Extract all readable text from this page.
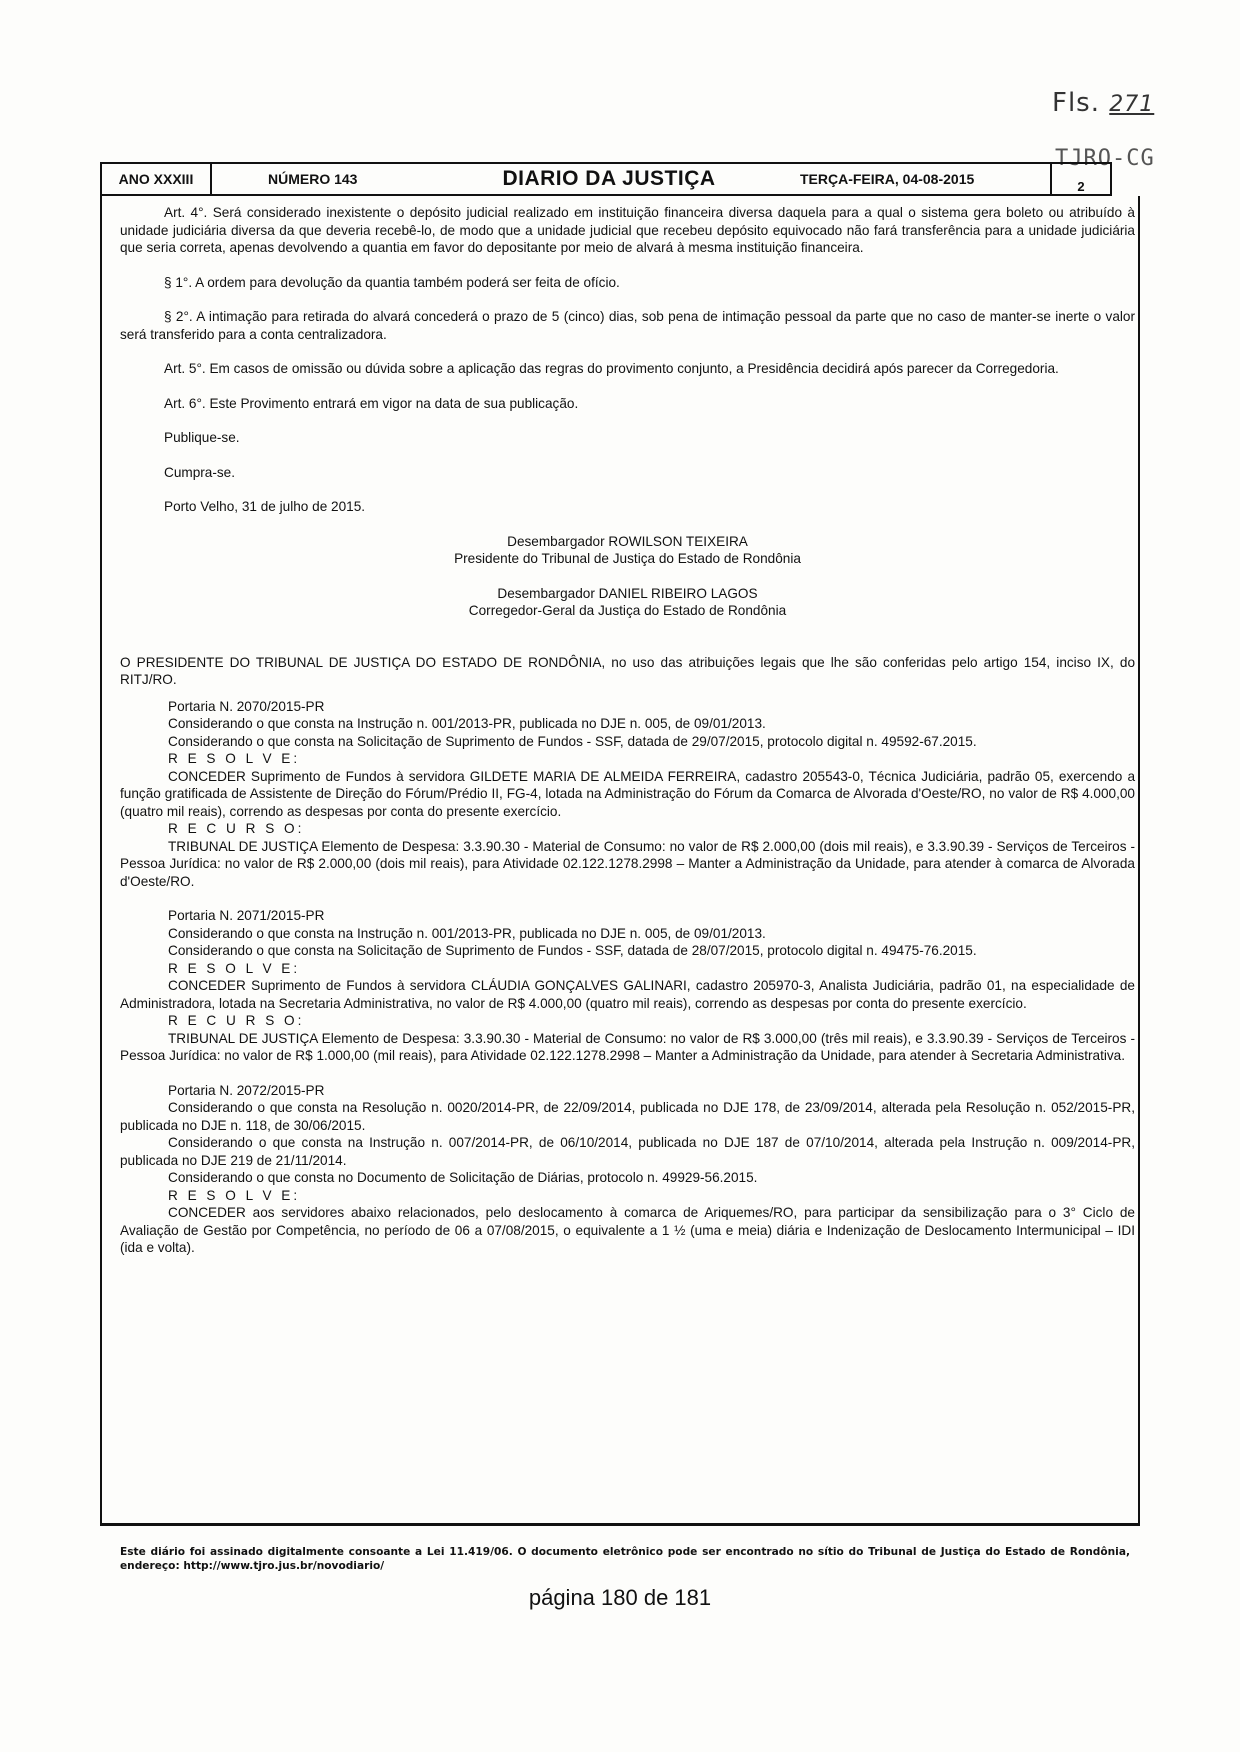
Fls. 271
TJRO-CG
ANO XXXIII	NÚMERO 143	DIARIO DA JUSTIÇA	TERÇA-FEIRA, 04-08-2015	2

Art. 4°. Será considerado inexistente o depósito judicial realizado em instituição financeira diversa daquela para a qual o sistema gera boleto ou atribuído à unidade judiciária diversa da que deveria recebê-lo, de modo que a unidade judicial que recebeu depósito equivocado não fará transferência para a unidade judiciária que seria correta, apenas devolvendo a quantia em favor do depositante por meio de alvará à mesma instituição financeira.

§ 1°. A ordem para devolução da quantia também poderá ser feita de ofício.

§ 2°. A intimação para retirada do alvará concederá o prazo de 5 (cinco) dias, sob pena de intimação pessoal da parte que no caso de manter-se inerte o valor será transferido para a conta centralizadora.

Art. 5°. Em casos de omissão ou dúvida sobre a aplicação das regras do provimento conjunto, a Presidência decidirá após parecer da Corregedoria.

Art. 6°. Este Provimento entrará em vigor na data de sua publicação.

Publique-se.

Cumpra-se.

Porto Velho, 31 de julho de 2015.

Desembargador ROWILSON TEIXEIRA

Presidente do Tribunal de Justiça do Estado de Rondônia

Desembargador DANIEL RIBEIRO LAGOS

Corregedor-Geral da Justiça do Estado de Rondônia

O PRESIDENTE DO TRIBUNAL DE JUSTIÇA DO ESTADO DE RONDÔNIA, no uso das atribuições legais que lhe são conferidas pelo artigo 154, inciso IX, do RITJ/RO.

Portaria N. 2070/2015-PR

Considerando o que consta na Instrução n. 001/2013-PR, publicada no DJE n. 005, de 09/01/2013.

Considerando o que consta na Solicitação de Suprimento de Fundos - SSF, datada de 29/07/2015, protocolo digital n. 49592-67.2015.

R E S O L V E:

CONCEDER Suprimento de Fundos à servidora GILDETE MARIA DE ALMEIDA FERREIRA, cadastro 205543-0, Técnica Judiciária, padrão 05, exercendo a função gratificada de Assistente de Direção do Fórum/Prédio II, FG-4, lotada na Administração do Fórum da Comarca de Alvorada d'Oeste/RO, no valor de R$ 4.000,00 (quatro mil reais), correndo as despesas por conta do presente exercício.

R E C U R S O:

TRIBUNAL DE JUSTIÇA Elemento de Despesa: 3.3.90.30 - Material de Consumo: no valor de R$ 2.000,00 (dois mil reais), e 3.3.90.39 - Serviços de Terceiros - Pessoa Jurídica: no valor de R$ 2.000,00 (dois mil reais), para Atividade 02.122.1278.2998 – Manter a Administração da Unidade, para atender à comarca de Alvorada d'Oeste/RO.

Portaria N. 2071/2015-PR

Considerando o que consta na Instrução n. 001/2013-PR, publicada no DJE n. 005, de 09/01/2013.

Considerando o que consta na Solicitação de Suprimento de Fundos - SSF, datada de 28/07/2015, protocolo digital n. 49475-76.2015.

R E S O L V E:

CONCEDER Suprimento de Fundos à servidora CLÁUDIA GONÇALVES GALINARI, cadastro 205970-3, Analista Judiciária, padrão 01, na especialidade de Administradora, lotada na Secretaria Administrativa, no valor de R$ 4.000,00 (quatro mil reais), correndo as despesas por conta do presente exercício.

R E C U R S O:

TRIBUNAL DE JUSTIÇA Elemento de Despesa: 3.3.90.30 - Material de Consumo: no valor de R$ 3.000,00 (três mil reais), e 3.3.90.39 - Serviços de Terceiros - Pessoa Jurídica: no valor de R$ 1.000,00 (mil reais), para Atividade 02.122.1278.2998 – Manter a Administração da Unidade, para atender à Secretaria Administrativa.

Portaria N. 2072/2015-PR

Considerando o que consta na Resolução n. 0020/2014-PR, de 22/09/2014, publicada no DJE 178, de 23/09/2014, alterada pela Resolução n. 052/2015-PR, publicada no DJE n. 118, de 30/06/2015.

Considerando o que consta na Instrução n. 007/2014-PR, de 06/10/2014, publicada no DJE 187 de 07/10/2014, alterada pela Instrução n. 009/2014-PR, publicada no DJE 219 de 21/11/2014.

Considerando o que consta no Documento de Solicitação de Diárias, protocolo n. 49929-56.2015.

R E S O L V E:

CONCEDER aos servidores abaixo relacionados, pelo deslocamento à comarca de Ariquemes/RO, para participar da sensibilização para o 3° Ciclo de Avaliação de Gestão por Competência, no período de 06 a 07/08/2015, o equivalente a 1 ½ (uma e meia) diária e Indenização de Deslocamento Intermunicipal – IDI (ida e volta).

Este diário foi assinado digitalmente consoante a Lei 11.419/06. O documento eletrônico pode ser encontrado no sítio do Tribunal de Justiça do Estado de Rondônia, endereço: http://www.tjro.jus.br/novodiario/
página 180 de 181
